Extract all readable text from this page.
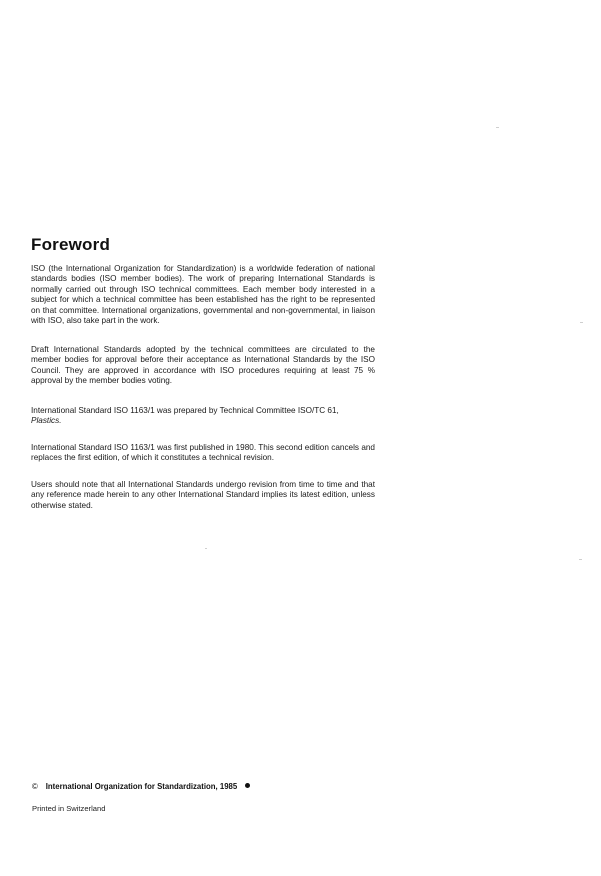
Foreword

ISO (the International Organization for Standardization) is a worldwide federation of national standards bodies (ISO member bodies). The work of preparing International Standards is normally carried out through ISO technical committees. Each member body interested in a subject for which a technical committee has been established has the right to be represented on that committee. International organizations, governmental and non-governmental, in liaison with ISO, also take part in the work.

Draft International Standards adopted by the technical committees are circulated to the member bodies for approval before their acceptance as International Standards by the ISO Council. They are approved in accordance with ISO procedures requiring at least 75 % approval by the member bodies voting.

International Standard ISO 1163/1 was prepared by Technical Committee ISO/TC 61,
Plastics.

International Standard ISO 1163/1 was first published in 1980. This second edition cancels and replaces the first edition, of which it constitutes a technical revision.

Users should note that all International Standards undergo revision from time to time and that any reference made herein to any other International Standard implies its latest edition, unless otherwise stated.

© International Organization for Standardization, 1985
Printed in Switzerland
